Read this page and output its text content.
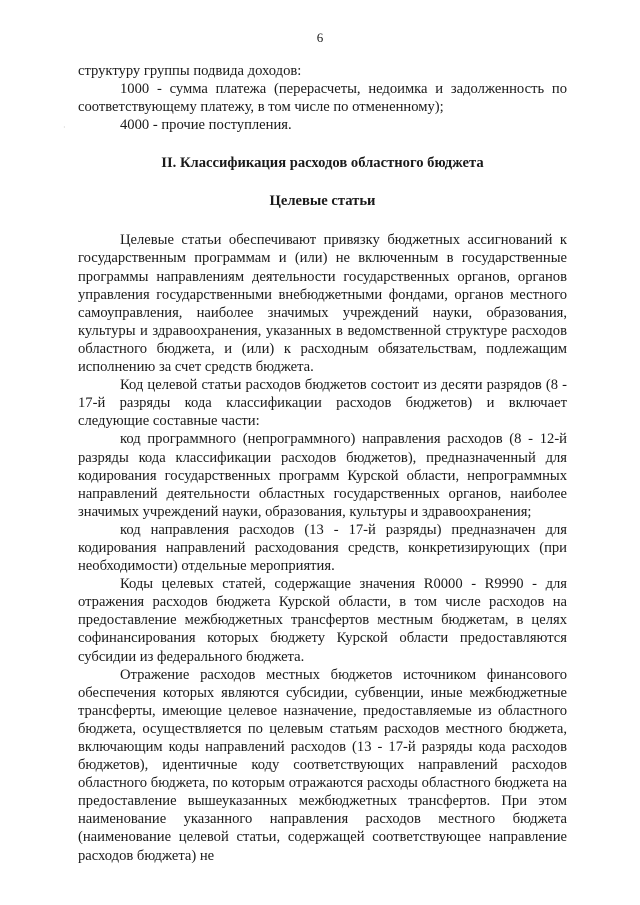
6
·

структуру группы подвида доходов:

1000 - сумма платежа (перерасчеты, недоимка и задолженность по соответствующему платежу, в том числе по отмененному);

4000 - прочие поступления.

II. Классификация расходов областного бюджета

Целевые статьи

Целевые статьи обеспечивают привязку бюджетных ассигнований к государственным программам и (или) не включенным в государственные программы направлениям деятельности государственных органов, органов управления государственными внебюджетными фондами, органов местного самоуправления, наиболее значимых учреждений науки, образования, культуры и здравоохранения, указанных в ведомственной структуре расходов областного бюджета, и (или) к расходным обязательствам, подлежащим исполнению за счет средств бюджета.

Код целевой статьи расходов бюджетов состоит из десяти разрядов (8 - 17-й разряды кода классификации расходов бюджетов) и включает следующие составные части:

код программного (непрограммного) направления расходов (8 - 12-й разряды кода классификации расходов бюджетов), предназначенный для кодирования государственных программ Курской области, непрограммных направлений деятельности областных государственных органов, наиболее значимых учреждений науки, образования, культуры и здравоохранения;

код направления расходов (13 - 17-й разряды) предназначен для кодирования направлений расходования средств, конкретизирующих (при необходимости) отдельные мероприятия.

Коды целевых статей, содержащие значения R0000 - R9990 - для отражения расходов бюджета Курской области, в том числе расходов на предоставление межбюджетных трансфертов местным бюджетам, в целях софинансирования которых бюджету Курской области предоставляются субсидии из федерального бюджета.

Отражение расходов местных бюджетов источником финансового обеспечения которых являются субсидии, субвенции, иные межбюджетные трансферты, имеющие целевое назначение, предоставляемые из областного бюджета, осуществляется по целевым статьям расходов местного бюджета, включающим коды направлений расходов (13 - 17-й разряды кода расходов бюджетов), идентичные коду соответствующих направлений расходов областного бюджета, по которым отражаются расходы областного бюджета на предоставление вышеуказанных межбюджетных трансфертов. При этом наименование указанного направления расходов местного бюджета (наименование целевой статьи, содержащей соответствующее направление расходов бюджета) не
